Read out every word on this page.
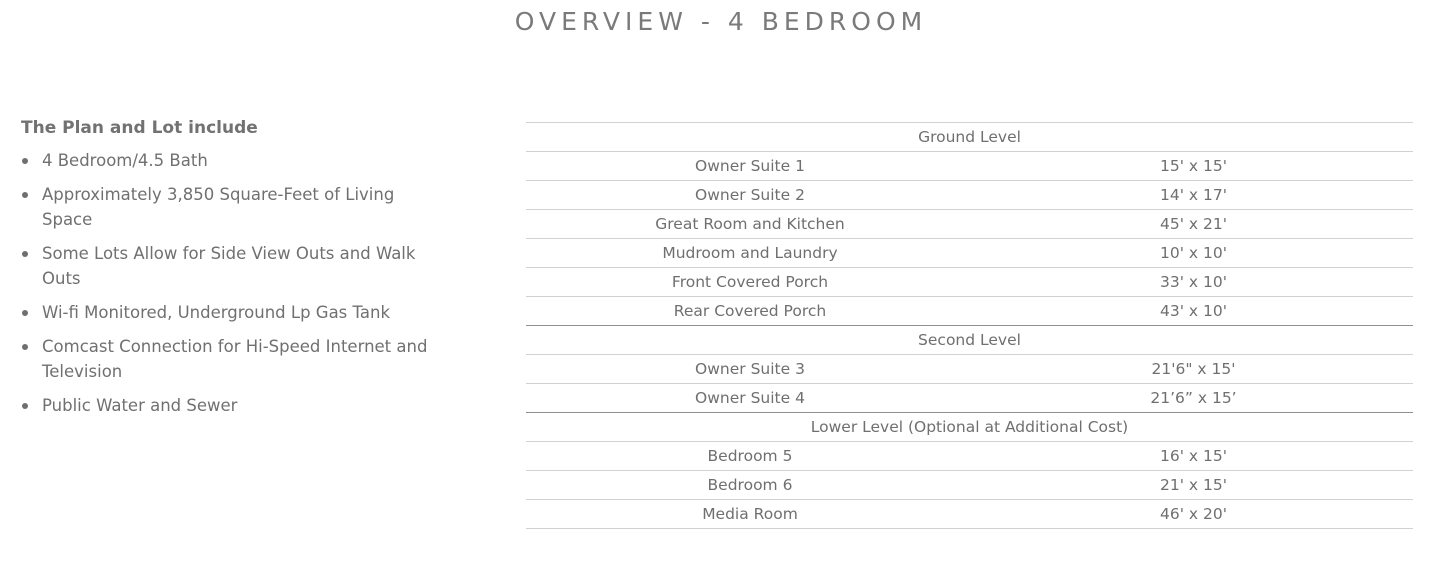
OVERVIEW - 4 BEDROOM
The Plan and Lot include
4 Bedroom/4.5 Bath
Approximately 3,850 Square-Feet of Living Space
Some Lots Allow for Side View Outs and Walk Outs
Wi-fi Monitored, Underground Lp Gas Tank
Comcast Connection for Hi-Speed Internet and Television
Public Water and Sewer
Ground Level	
Owner Suite 1	15' x 15'
Owner Suite 2	14' x 17'
Great Room and Kitchen	45' x 21'
Mudroom and Laundry	10' x 10'
Front Covered Porch	33' x 10'
Rear Covered Porch	43' x 10'
Second Level	
Owner Suite 3	21'6" x 15'
Owner Suite 4	21’6” x 15’
Lower Level (Optional at Additional Cost)	
Bedroom 5	16' x 15'
Bedroom 6	21' x 15'
Media Room	46' x 20'
